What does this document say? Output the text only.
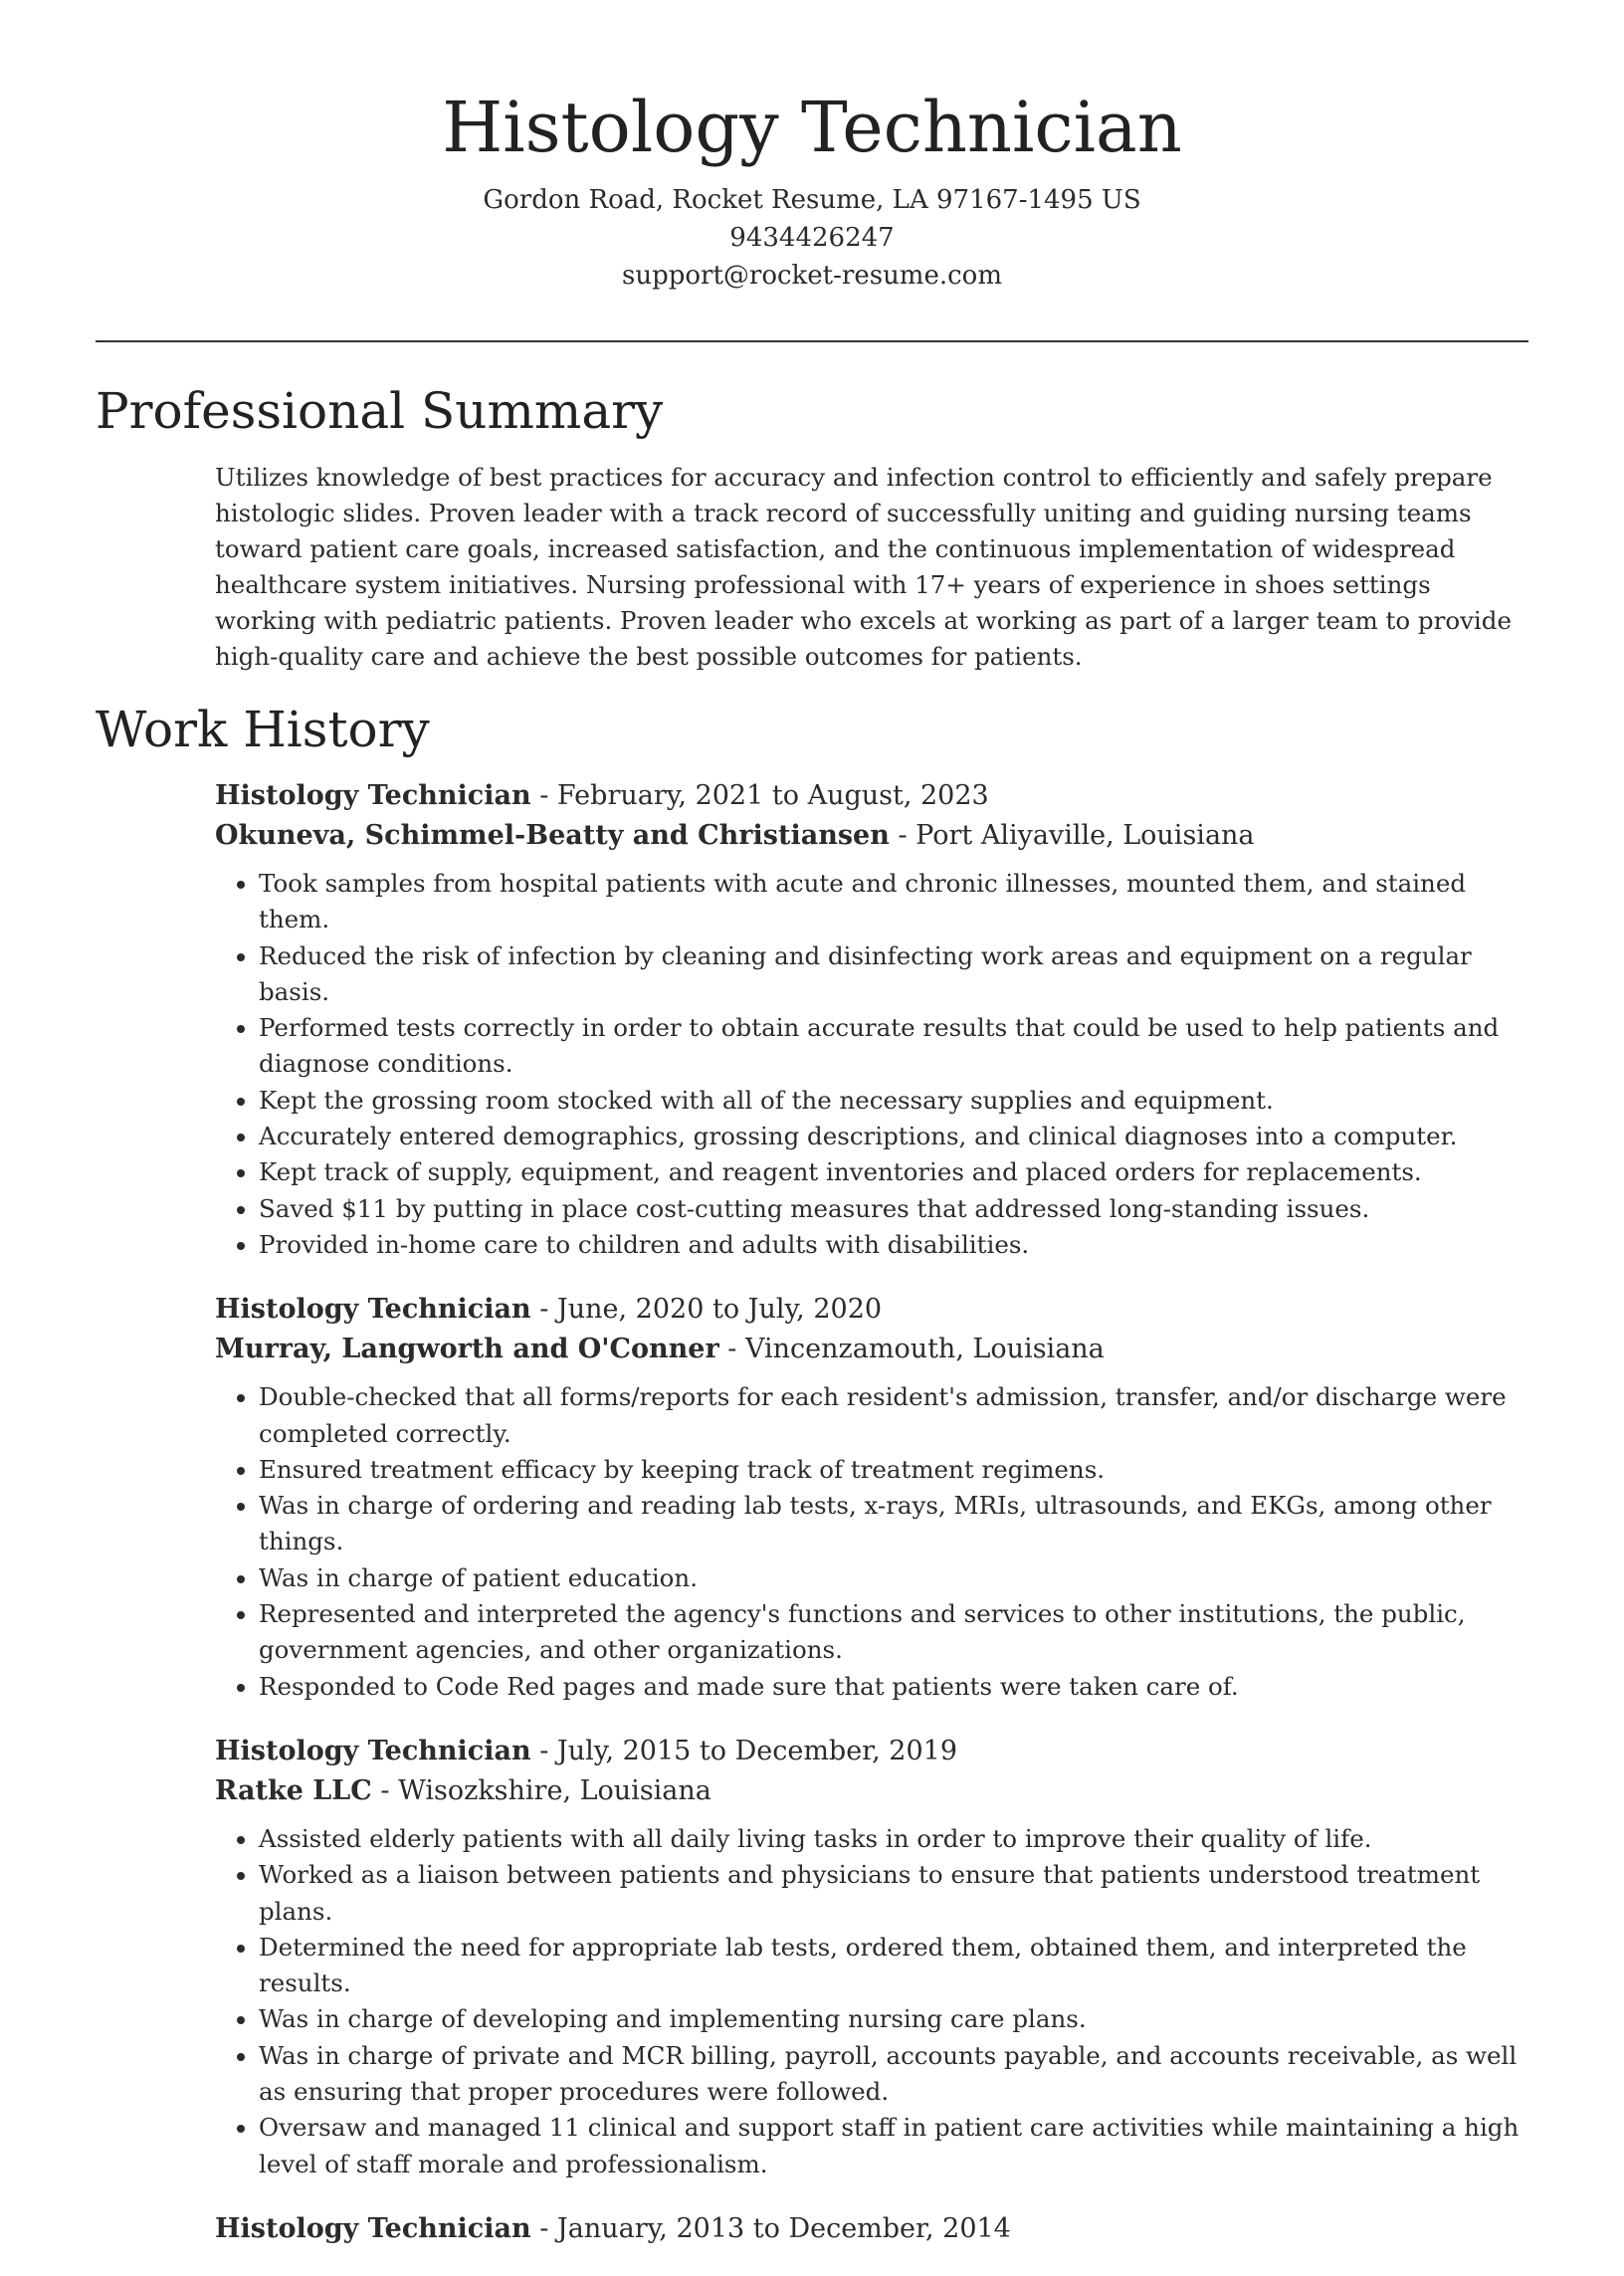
Histology Technician
Gordon Road, Rocket Resume, LA 97167-1495 US
9434426247
support@rocket-resume.com
Professional Summary

Utilizes knowledge of best practices for accuracy and infection control to efficiently and safely prepare histologic slides. Proven leader with a track record of successfully uniting and guiding nursing teams toward patient care goals, increased satisfaction, and the continuous implementation of widespread healthcare system initiatives. Nursing professional with 17+ years of experience in shoes settings working with pediatric patients. Proven leader who excels at working as part of a larger team to provide high-quality care and achieve the best possible outcomes for patients.

Work History
Histology Technician - February, 2021 to August, 2023
Okuneva, Schimmel-Beatty and Christiansen - Port Aliyaville, Louisiana
• Took samples from hospital patients with acute and chronic illnesses, mounted them, and stained them.
• Reduced the risk of infection by cleaning and disinfecting work areas and equipment on a regular basis.
• Performed tests correctly in order to obtain accurate results that could be used to help patients and diagnose conditions.
• Kept the grossing room stocked with all of the necessary supplies and equipment.
• Accurately entered demographics, grossing descriptions, and clinical diagnoses into a computer.
• Kept track of supply, equipment, and reagent inventories and placed orders for replacements.
• Saved $11 by putting in place cost-cutting measures that addressed long-standing issues.
• Provided in-home care to children and adults with disabilities.
Histology Technician - June, 2020 to July, 2020
Murray, Langworth and O'Conner - Vincenzamouth, Louisiana
• Double-checked that all forms/reports for each resident's admission, transfer, and/or discharge were completed correctly.
• Ensured treatment efficacy by keeping track of treatment regimens.
• Was in charge of ordering and reading lab tests, x-rays, MRIs, ultrasounds, and EKGs, among other things.
• Was in charge of patient education.
• Represented and interpreted the agency's functions and services to other institutions, the public, government agencies, and other organizations.
• Responded to Code Red pages and made sure that patients were taken care of.
Histology Technician - July, 2015 to December, 2019
Ratke LLC - Wisozkshire, Louisiana
• Assisted elderly patients with all daily living tasks in order to improve their quality of life.
• Worked as a liaison between patients and physicians to ensure that patients understood treatment plans.
• Determined the need for appropriate lab tests, ordered them, obtained them, and interpreted the results.
• Was in charge of developing and implementing nursing care plans.
• Was in charge of private and MCR billing, payroll, accounts payable, and accounts receivable, as well as ensuring that proper procedures were followed.
• Oversaw and managed 11 clinical and support staff in patient care activities while maintaining a high level of staff morale and professionalism.
Histology Technician - January, 2013 to December, 2014
